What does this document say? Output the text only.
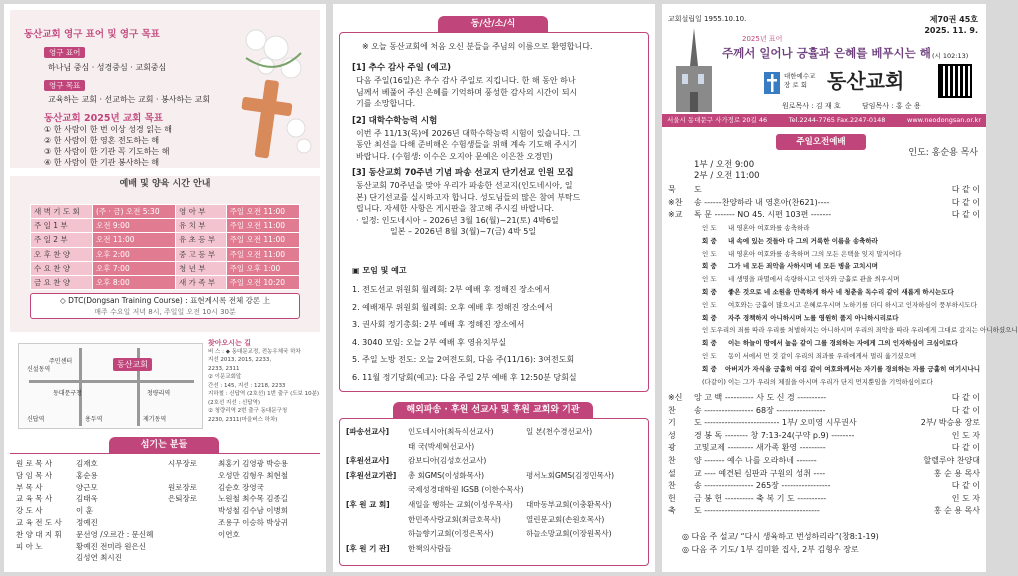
동산교회 영구 표어 및 영구 목표
영구 표어
하나님 중심 · 성경중심 · 교회중심
영구 목표
교육하는 교회 · 선교하는 교회 · 봉사하는 교회
동산교회 2025년 교회 목표
① 한 사람이 한 번 이상 성경 읽는 해
② 한 사람이 한 영혼 전도하는 해
③ 한 사람이 한 기관 꼭 기도하는 해
④ 한 사람이 한 기관 봉사하는 해
예배 및 양육 시간 안내
새 벽 기 도 회	(주 · 금) 오전 5:30	영 아 부	주일 오전 11:00
주 일 1 부	오전 9:00	유 치 부	주일 오전 11:00
주 일 2 부	오전 11:00	유 초 등 부	주일 오전 11:00
오 후 찬 양	오후 2:00	중 고 등 부	주일 오전 11:00
수 요 찬 양	오후 7:00	청 년 부	주일 오후 1:00
금 요 찬 양	오후 8:00	새 가 족 부	주일 오전 10:20
◇ DTC(Dongsan Training Course) : 표현계시록 전체 강론 上
매주 수요일 저녁 8시, 주일일 오전 10시 30분
동산교회
주민센터
동대문구청	청량리역
신답역	용두역	제기동역
신설동역
찾아오시는 길
버 스 : ◆ 동대문교정, 전농우체국 하차
지선 2013, 2015, 2233,
2233, 2311
② 이문교회앞
간선 : 145, 지선 : 1218, 2233
지하철 : 신답역 (2호선) 1번 출구 (도보 10분)
(2호선 지선 : 신답역)
② 청량리역 2번 출구 동대문구청
2230, 2311(마을버스 하차)
섬기는 분들
원 로 목 사	김재호	시무장로	최홍기 김영광 박승용
담 임 목 사	홍순용	오성만 김형우 최현철
부 목 사	양근모	원로장로	김순호 장영국
교 육 목 사	김태욱	은퇴장로	노원철 최수목 김종길
강 도 사	이 훈	박성철 김수남 이병희
교 육 전 도 사	정예진	조용구 이승하 박상귀
찬 양 대 지 휘	문선영 /오르간 : 문신혜	이연호
피 아 노	황예진 전미라 원은신
김성연 최시진
동/산/소/식
※ 오늘 동산교회에 처음 오신 분들을 주님의 이름으로 환영합니다.
[1] 추수 감사 주일 (예고)
다음 주일(16일)은 추수 감사 주일로 지킵니다. 한 해 동안 하나
님께서 베풀어 주신 은혜를 기억하며 풍성한 감사의 시간이 되시
기를 소망합니다.
[2] 대학수학능력 시험
이번 주 11/13(목)에 2026년 대학수학능력 시험이 있습니다. 그
동안 최선을 다해 준비해온 수험생들을 위해 계속 기도해 주시기
바랍니다. (수험생: 이수은 오지아 문예은 이은찬 오경민)
[3] 동산교회 70주년 기념 파송 선교지 단기선교 인원 모집
동산교회 70주년을 맞아 우리가 파송한 선교지(인도네시아, 일
본) 단기선교를 실시하고자 합니다. 성도님들의 많은 참여 부탁드
립니다. 자세한 사항은 게시판을 참고해 주시길 바랍니다.
· 일정: 인도네시아 – 2026년 3월 16(월)~21(토) 4박6일
일본 – 2026년 8월 3(월)~7(금) 4박 5일
▣ 모임 및 예고
1. 전도선교 위원회 월례회: 2부 예배 후 정해진 장소에서
2. 예배재무 위원회 월례회: 오후 예배 후 정해진 장소에서
3. 권사회 정기총회: 2부 예배 후 정해진 장소에서
4. 3040 모임: 오늘 2부 예배 후 영유치부실
5. 주일 노방 전도: 오늘 2여전도회, 다음 주(11/16): 3여전도회
6. 11월 정기당회(예고): 다음 주일 2부 예배 후 12:50분 당회실
해외파송 · 후원 선교사 및 후원 교회와 기관
[파송선교사]	인도네시아(최득식선교사)	일 본(천수경선교사)
태 국(박세혁선교사)
[후원선교사]	캄보디아(김성호선교사)
[후원선교기관]	총 회GMS(이성화목사)	평서노회GMS(김정민목사)
국제성경대학원 IGSB (이한수목사)
[후 원 교 회]	새일을 행하는 교회(이성우목사)	대마동부교회(이충환목사)
한민족사랑교회(최금호목사)	열린문교회(손원호목사)
하늘향기교회(이정은목사)	하늘소망교회(이장원목사)
[후 원 기 관]	한책의사람들
교회설립일 1955.10.10.	제70권 45호
2025. 11. 9.
2025년 표어
주께서 일어나 긍휼과 은혜를 베푸시는 해 (시 102:13)
대한예수교 장 로 회	동산교회
원로목사 : 김 재 호	담임목사 : 홍 순 용
서울시 동대문구 사가정로 20길 46	Tel.2244-7765 Fax.2247-0148	www.neodongsan.or.kr
주일오전예배
인도: 홍순용 목사
1부 / 오전 9:00
2부 / 오전 11:00
묵	도	다 같 이
※찬	송 ------찬양하라 내 영혼아(찬621)----	다 같 이
※교	독 문 ------- NO 45. 시편 103편 -------	다 같 이
인 도	내 영혼아 여호와를 송축하라
회 중	내 속에 있는 것들아 다 그의 거룩한 이름을 송축하라
인 도	내 영혼아 여호와를 송축하며 그의 모든 은택을 잊지 말지어다
회 중	그가 네 모든 죄악을 사하시며 네 모든 병을 고치시며
인 도	네 생명을 파멸에서 속량하시고 인자와 긍휼로 관을 씌우시며
회 중	좋은 것으로 네 소원을 만족하게 하사 네 청춘을 독수리 같이 새롭게 하시는도다
인 도	여호와는 긍휼이 많으시고 은혜로우시며 노하기를 더디 하시고 인자하심이 풍부하시도다
회 중	자주 경책하지 아니하시며 노를 영원히 품지 아니하시리로다
인 도 우리의 죄를 따라 우리를 처벌하지는 아니하시며 우리의 죄악을 따라 우리에게 그대로 갚지는 아니하셨으니
회 중	이는 하늘이 땅에서 높음 같이 그를 경외하는 자에게 그의 인자하심이 크심이로다
인 도	동이 서에서 먼 것 같이 우리의 죄과를 우리에게서 멀리 옮기셨으며
회 중	아버지가 자식을 긍휼히 여김 같이 여호와께서는 자기를 경외하는 자를 긍휼히 여기시나니
(다같이) 이는 그가 우리의 체질을 아시며 우리가 단지 먼지뿐임을 기억하심이로다
※신	앙 고 백 ---------- 사 도 신 경 ----------	다 같 이
찬	송 ----------------- 68장 -----------------	다 같 이
기	도 -------------------------- 1부/ 오미영 시무권사	2부/ 박승용 장로
성	경 봉 독 -------- 창 7:13-24(구약 p.9) --------	인 도 자
광	고및교제 --------- 새가족 환영 ---------	다 같 이
찬	양 ------- 예수 나를 오라하네 -------	할렐루야 찬양대
설	교 ---- 예견된 심판과 구원의 성취 ----	홍 순 용 목사
찬	송 ----------------- 265장 -----------------	다 같 이
헌	금 봉 헌 ---------- 축 복 기 도 ----------	인 도 자
축	도 ----------------------------------------	홍 순 용 목사
◎ 다음 주 설교/ “다시 생육하고 번성하리라”(창8:1-19)
◎ 다음 주 기도/ 1부 김미환 집사, 2부 김형우 장로
